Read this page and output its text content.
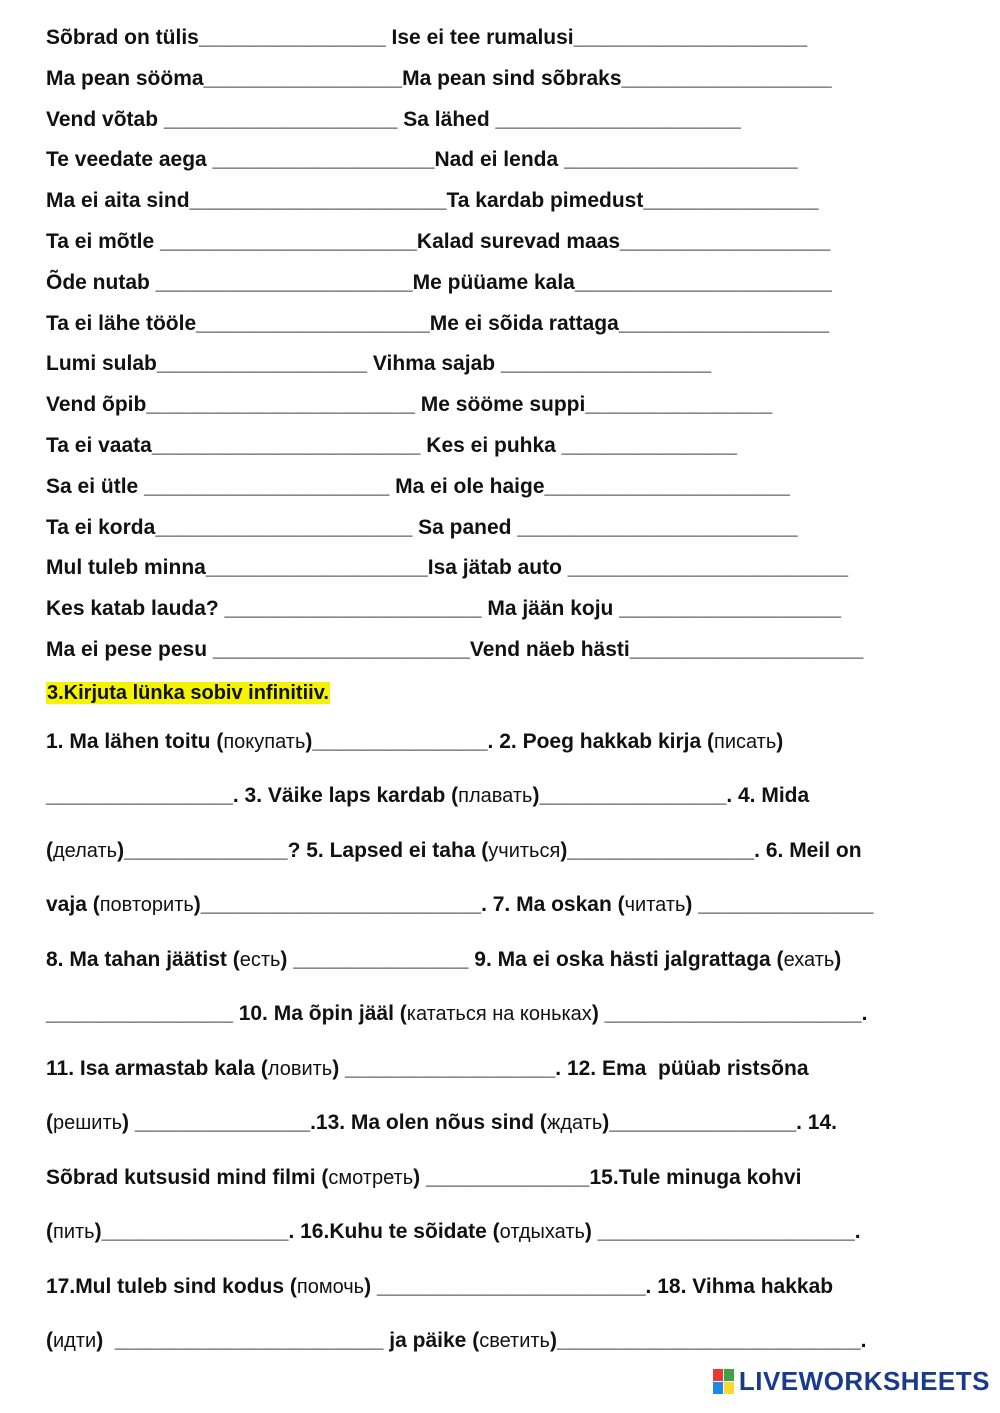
Sõbrad on tülis________________ Ise ei tee rumalusi____________________
Ma pean sööma_________________Ma pean sind sõbraks__________________
Vend võtab ____________________ Sa lähed _____________________
Te veedate aega ___________________Nad ei lenda ____________________
Ma ei aita sind______________________Ta kardab pimedust_______________
Ta ei mõtle ______________________Kalad surevad maas__________________
Õde nutab ______________________Me püüame kala______________________
Ta ei lähe tööle____________________Me ei sõida rattaga__________________
Lumi sulab__________________ Vihma sajab __________________
Vend õpib_______________________ Me sööme suppi________________
Ta ei vaata_______________________ Kes ei puhka _______________
Sa ei ütle _____________________ Ma ei ole haige_____________________
Ta ei korda______________________ Sa paned ________________________
Mul tuleb minna___________________Isa jätab auto ________________________
Kes katab lauda? ______________________ Ma jään koju ___________________
Ma ei pese pesu ______________________Vend näeb hästi____________________
3.Kirjuta lünka sobiv infinitiiv.
1. Ma lähen toitu (покупать)_______________. 2. Poeg hakkab kirja (писать)
________________. 3. Väike laps kardab (плавать)________________. 4. Mida
(делать)______________? 5. Lapsed ei taha (учиться)________________. 6. Meil on
vaja (повторить)________________________. 7. Ma oskan (читать) _______________
8. Ma tahan jäätist (есть) _______________ 9. Ma ei oska hästi jalgrattaga (ехать)
________________ 10. Ma õpin jääl (кататься на коньках) ______________________.
11. Isa armastab kala (ловить) __________________. 12. Ema  püüab ristsõna
(решить) _______________.13. Ma olen nõus sind (ждать)________________. 14.
Sõbrad kutsusid mind filmi (смотреть) ______________15.Tule minuga kohvi
(пить)________________. 16.Kuhu te sõidate (отдыхать) ______________________.
17.Mul tuleb sind kodus (помочь) _______________________. 18. Vihma hakkab
(идти)  _______________________ ja päike (светить)__________________________.
LIVEWORKSHEETS
